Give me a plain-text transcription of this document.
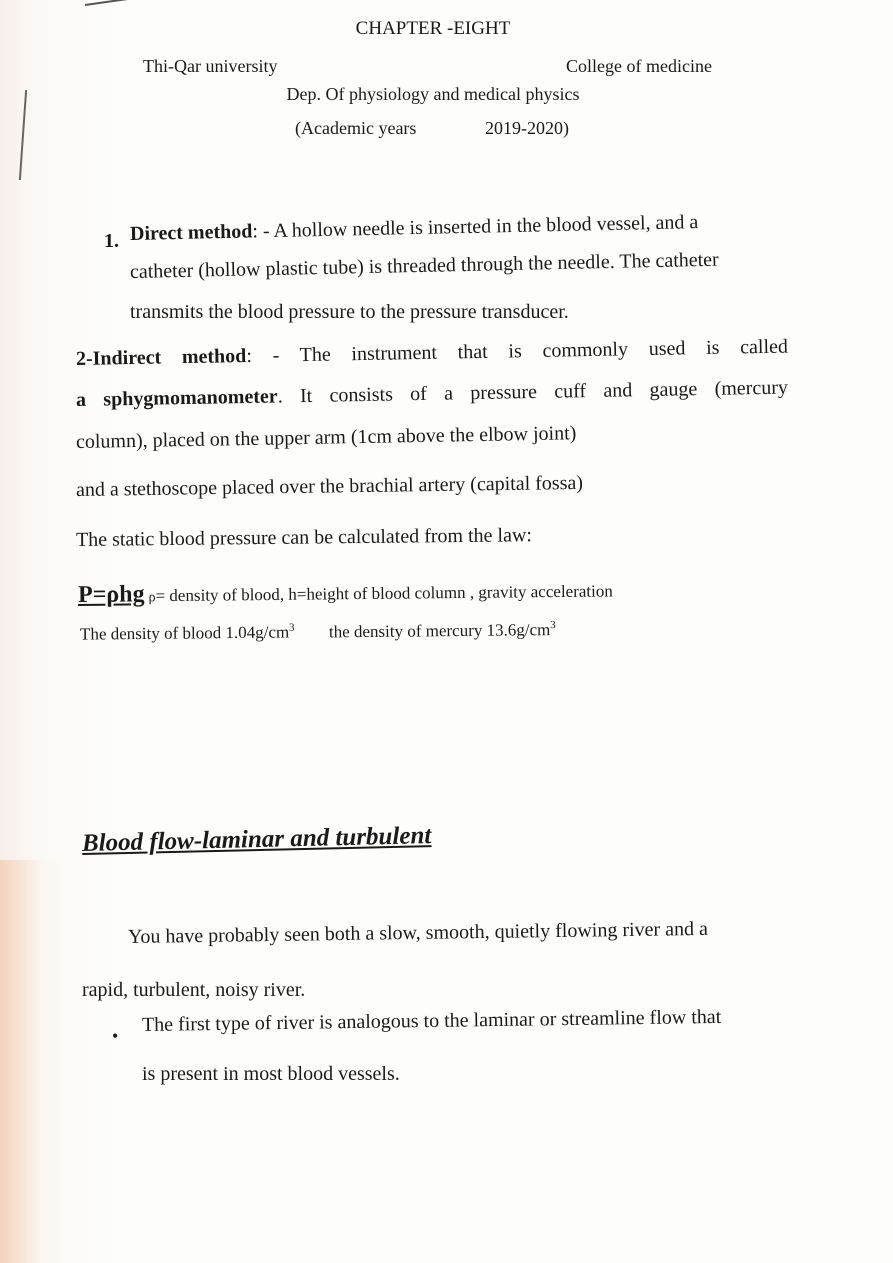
CHAPTER -EIGHT
Thi-Qar university	College of medicine
Dep. Of physiology and medical physics
(Academic years	2019-2020)
1. Direct method: - A hollow needle is inserted in the blood vessel, and a
catheter (hollow plastic tube) is threaded through the needle. The catheter
transmits the blood pressure to the pressure transducer.
2-Indirect method: - The instrument that is commonly used is called
a sphygmomanometer. It consists of a pressure cuff and gauge (mercury
column), placed on the upper arm (1cm above the elbow joint)
and a stethoscope placed over the brachial artery (capital fossa)
The static blood pressure can be calculated from the law:
P=ρhg ρ= density of blood, h=height of blood column , gravity acceleration
The density of blood $1.04g/cm^3$ the density of mercury $13.6g/cm^3$
Blood flow-laminar and turbulent
You have probably seen both a slow, smooth, quietly flowing river and a
rapid, turbulent, noisy river.
•
The first type of river is analogous to the laminar or streamline flow that
is present in most blood vessels.
